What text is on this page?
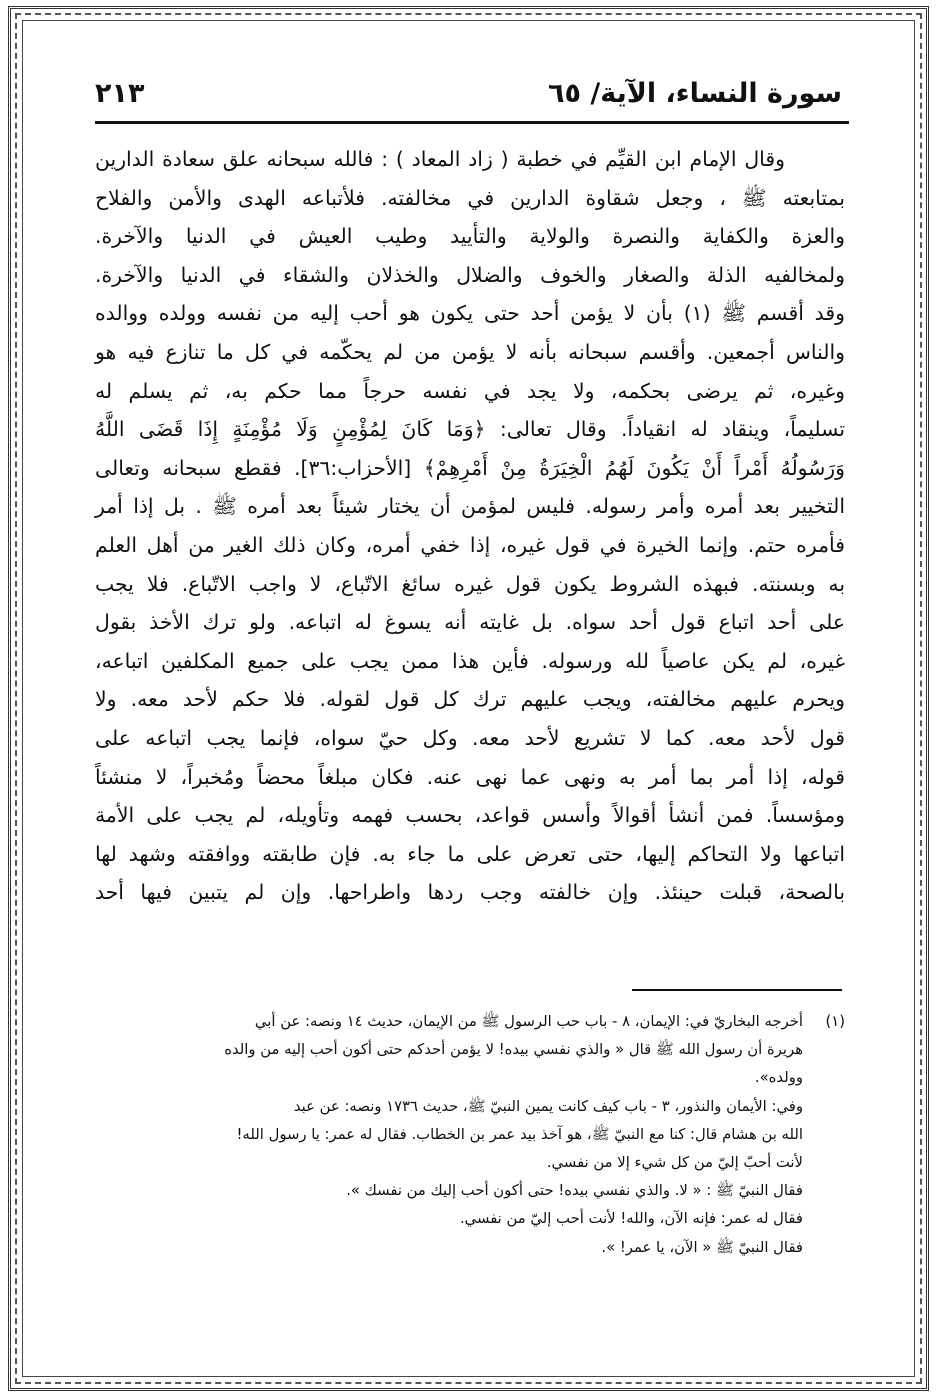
سورة النساء، الآية/ ٦٥
٢١٣

وقال الإمام ابن القيِّم في خطبة ( زاد المعاد ) : فالله سبحانه علق سعادة الدارين

بمتابعته ﷺ ، وجعل شقاوة الدارين في مخالفته. فلأتباعه الهدى والأمن والفلاح

والعزة والكفاية والنصرة والولاية والتأييد وطيب العيش في الدنيا والآخرة.

ولمخالفيه الذلة والصغار والخوف والضلال والخذلان والشقاء في الدنيا والآخرة.

وقد أقسم ﷺ (١) بأن لا يؤمن أحد حتى يكون هو أحب إليه من نفسه وولده ووالده

والناس أجمعين. وأقسم سبحانه بأنه لا يؤمن من لم يحكّمه في كل ما تنازع فيه هو

وغيره، ثم يرضى بحكمه، ولا يجد في نفسه حرجاً مما حكم به، ثم يسلم له

تسليماً، وينقاد له انقياداً. وقال تعالى: ﴿وَمَا كَانَ لِمُؤْمِنٍ وَلَا مُؤْمِنَةٍ إِذَا قَضَى اللَّهُ

وَرَسُولُهُ أَمْراً أَنْ يَكُونَ لَهُمُ الْخِيَرَةُ مِنْ أَمْرِهِمْ﴾ [الأحزاب:٣٦]. فقطع سبحانه وتعالى

التخيير بعد أمره وأمر رسوله. فليس لمؤمن أن يختار شيئاً بعد أمره ﷺ . بل إذا أمر

فأمره حتم. وإنما الخيرة في قول غيره، إذا خفي أمره، وكان ذلك الغير من أهل العلم

به وبسنته. فبهذه الشروط يكون قول غيره سائغ الاتّباع، لا واجب الاتّباع. فلا يجب

على أحد اتباع قول أحد سواه. بل غايته أنه يسوغ له اتباعه. ولو ترك الأخذ بقول

غيره، لم يكن عاصياً لله ورسوله. فأين هذا ممن يجب على جميع المكلفين اتباعه،

ويحرم عليهم مخالفته، ويجب عليهم ترك كل قول لقوله. فلا حكم لأحد معه. ولا

قول لأحد معه. كما لا تشريع لأحد معه. وكل حيّ سواه، فإنما يجب اتباعه على

قوله، إذا أمر بما أمر به ونهى عما نهى عنه. فكان مبلغاً محضاً ومُخبراً، لا منشئاً

ومؤسساً. فمن أنشأ أقوالاً وأسس قواعد، بحسب فهمه وتأويله، لم يجب على الأمة

اتباعها ولا التحاكم إليها، حتى تعرض على ما جاء به. فإن طابقته ووافقته وشهد لها

بالصحة، قبلت حينئذ. وإن خالفته وجب ردها واطراحها. وإن لم يتبين فيها أحد

(١)أخرجه البخاريّ في: الإيمان، ٨ - باب حب الرسول ﷺ من الإيمان، حديث ١٤ ونصه: عن أبي

هريرة أن رسول الله ﷺ قال « والذي نفسي بيده! لا يؤمن أحدكم حتى أكون أحب إليه من والده

وولده».

وفي: الأيمان والنذور، ٣ - باب كيف كانت يمين النبيّ ﷺ، حديث ١٧٣٦ ونصه: عن عبد

الله بن هشام قال: كنا مع النبيّ ﷺ، هو آخذ بيد عمر بن الخطاب. فقال له عمر: يا رسول الله!

لأنت أحبّ إليّ من كل شيء إلا من نفسي.

فقال النبيّ ﷺ : « لا. والذي نفسي بيده! حتى أكون أحب إليك من نفسك ».

فقال له عمر: فإنه الآن، والله! لأنت أحب إليّ من نفسي.

فقال النبيّ ﷺ « الآن، يا عمر! ».
